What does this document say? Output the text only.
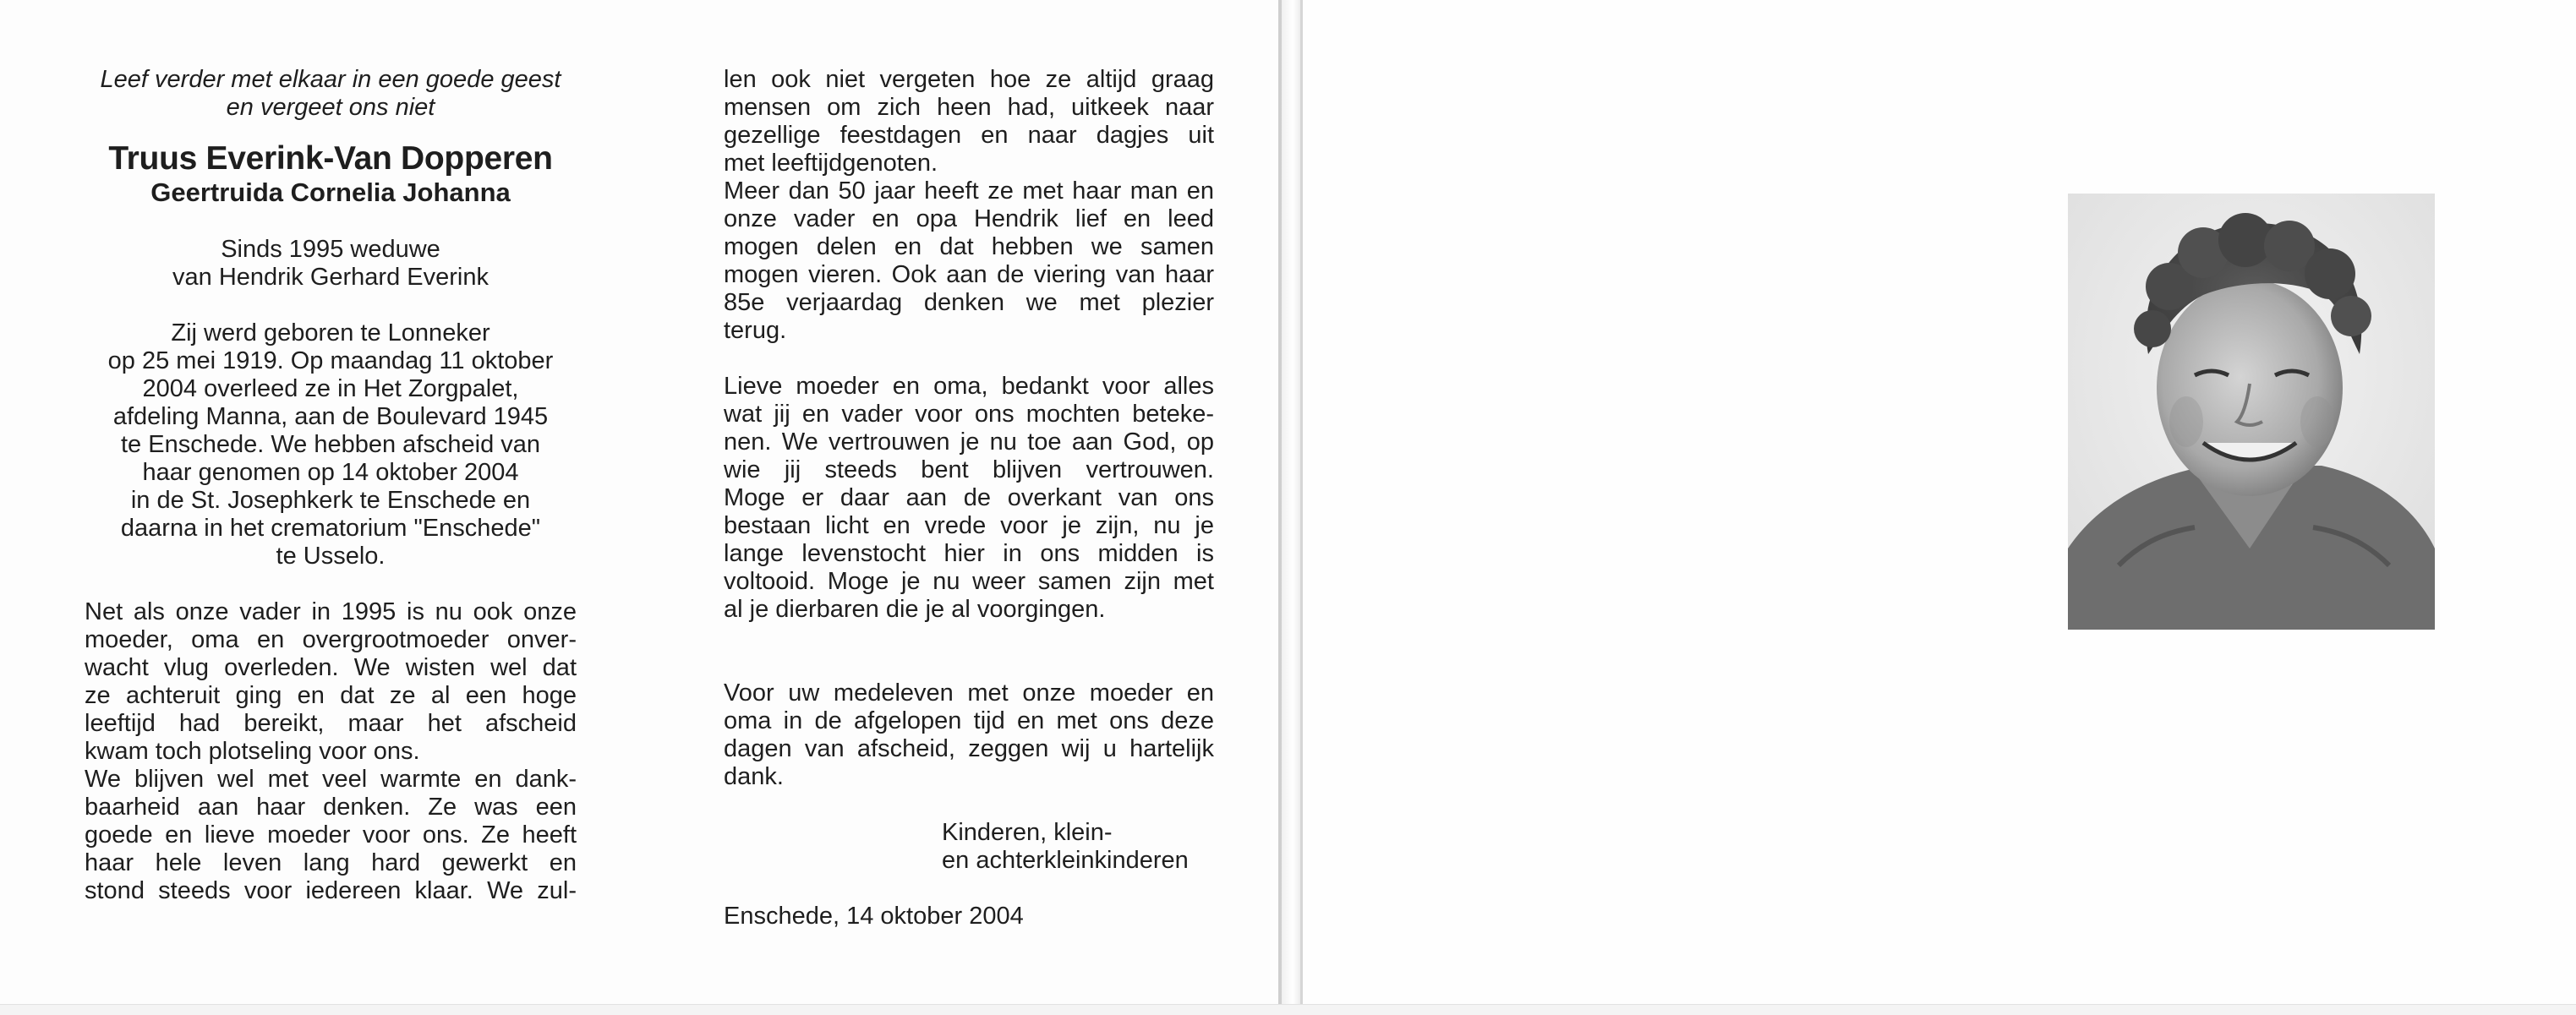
Leef verder met elkaar in een goede geest
en vergeet ons niet
Truus Everink-Van Dopperen
Geertruida Cornelia Johanna
Sinds 1995 weduwe
van Hendrik Gerhard Everink
Zij werd geboren te Lonneker
op 25 mei 1919. Op maandag 11 oktober
2004 overleed ze in Het Zorgpalet,
afdeling Manna, aan de Boulevard 1945
te Enschede. We hebben afscheid van
haar genomen op 14 oktober 2004
in de St. Josephkerk te Enschede en
daarna in het crematorium "Enschede"
te Usselo.
Net als onze vader in 1995 is nu ook onze
moeder, oma en overgrootmoeder onver-
wacht vlug overleden. We wisten wel dat
ze achteruit ging en dat ze al een hoge
leeftijd had bereikt, maar het afscheid
kwam toch plotseling voor ons.
We blijven wel met veel warmte en dank-
baarheid aan haar denken. Ze was een
goede en lieve moeder voor ons. Ze heeft
haar hele leven lang hard gewerkt en
stond steeds voor iedereen klaar. We zul-
len ook niet vergeten hoe ze altijd graag
mensen om zich heen had, uitkeek naar
gezellige feestdagen en naar dagjes uit
met leeftijdgenoten.
Meer dan 50 jaar heeft ze met haar man en
onze vader en opa Hendrik lief en leed
mogen delen en dat hebben we samen
mogen vieren. Ook aan de viering van haar
85e verjaardag denken we met plezier
terug.
Lieve moeder en oma, bedankt voor alles
wat jij en vader voor ons mochten beteke-
nen. We vertrouwen je nu toe aan God, op
wie jij steeds bent blijven vertrouwen.
Moge er daar aan de overkant van ons
bestaan licht en vrede voor je zijn, nu je
lange levenstocht hier in ons midden is
voltooid. Moge je nu weer samen zijn met
al je dierbaren die je al voorgingen.
Voor uw medeleven met onze moeder en
oma in de afgelopen tijd en met ons deze
dagen van afscheid, zeggen wij u hartelijk
dank.
Kinderen, klein-
en achterkleinkinderen
Enschede, 14 oktober 2004
